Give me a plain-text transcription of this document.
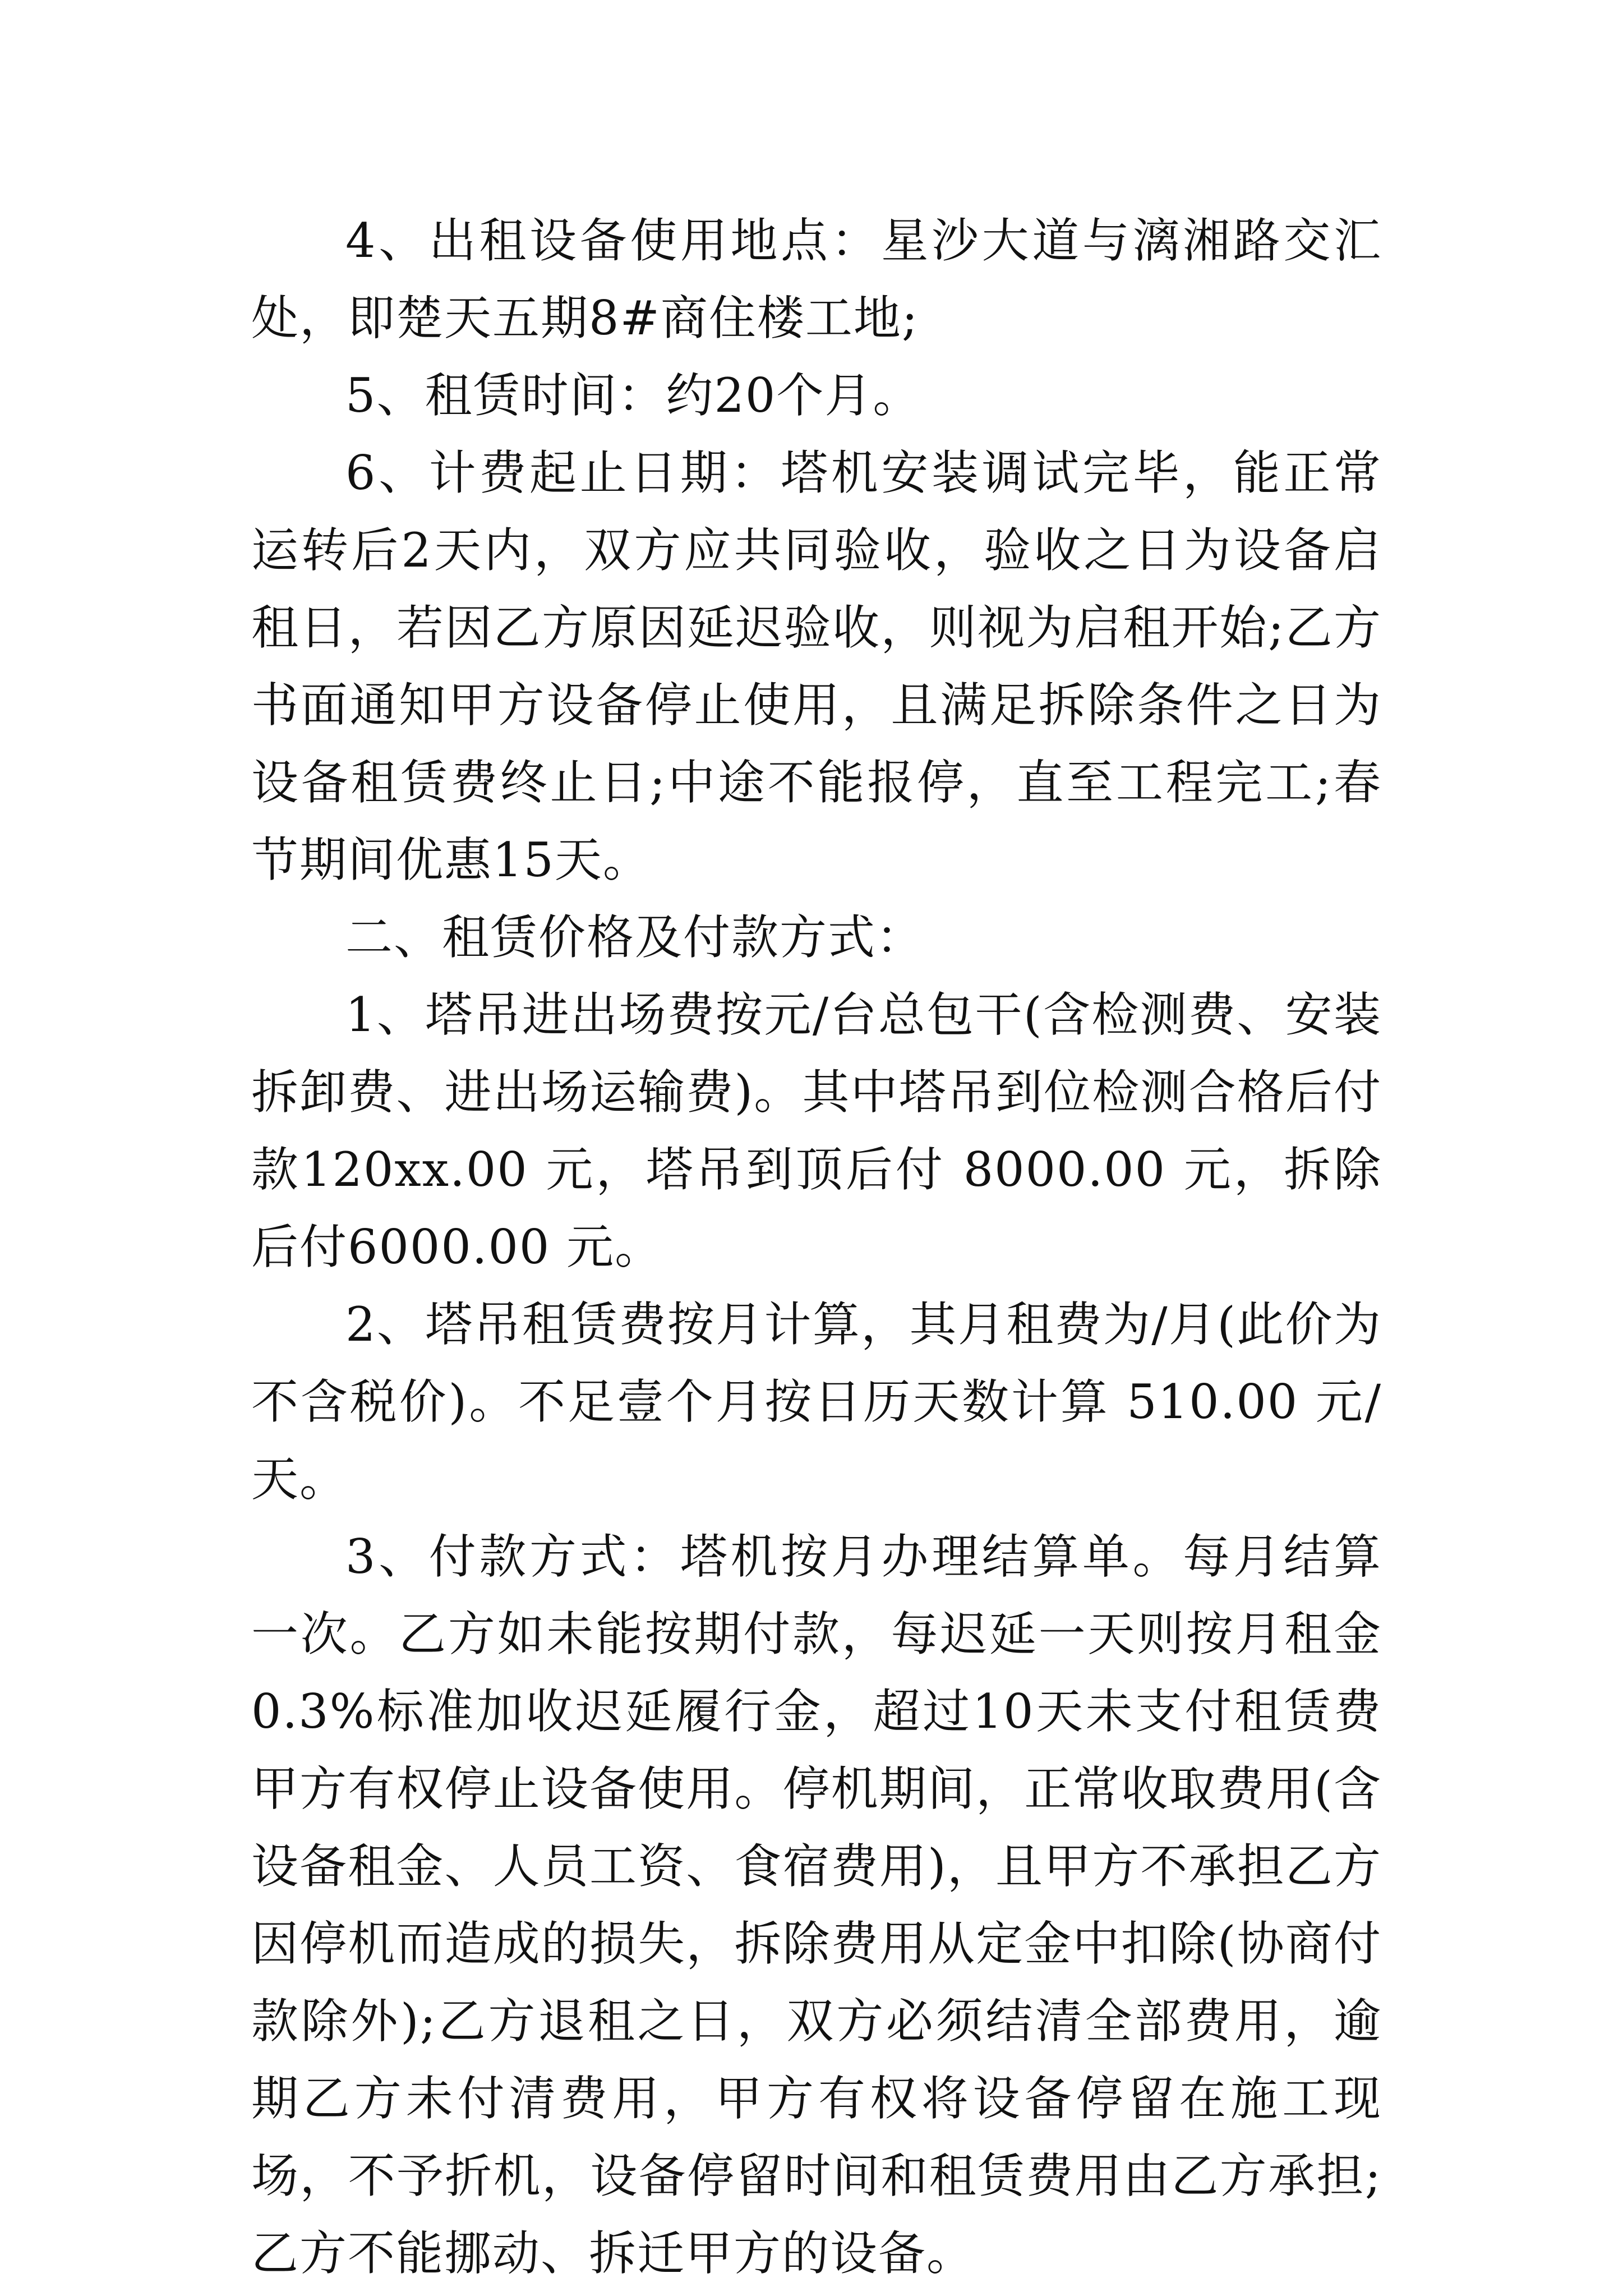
4、出租设备使用地点：星沙大道与漓湘路交汇处，即楚天五期8#商住楼工地;

5、租赁时间：约20个月。

6、计费起止日期：塔机安装调试完毕，能正常运转后2天内，双方应共同验收，验收之日为设备启租日，若因乙方原因延迟验收，则视为启租开始;乙方书面通知甲方设备停止使用，且满足拆除条件之日为设备租赁费终止日;中途不能报停，直至工程完工;春节期间优惠15天。

二、租赁价格及付款方式：

1、塔吊进出场费按元/台总包干(含检测费、安装拆卸费、进出场运输费)。其中塔吊到位检测合格后付款120xx.00 元，塔吊到顶后付 8000.00 元，拆除后付6000.00 元。

2、塔吊租赁费按月计算，其月租费为/月(此价为不含税价)。不足壹个月按日历天数计算 510.00 元/天。

3、付款方式：塔机按月办理结算单。每月结算一次。乙方如未能按期付款，每迟延一天则按月租金0.3%标准加收迟延履行金，超过10天未支付租赁费甲方有权停止设备使用。停机期间，正常收取费用(含设备租金、人员工资、食宿费用)，且甲方不承担乙方因停机而造成的损失，拆除费用从定金中扣除(协商付款除外);乙方退租之日，双方必须结清全部费用，逾期乙方未付清费用，甲方有权将设备停留在施工现场，不予折机，设备停留时间和租赁费用由乙方承担;乙方不能挪动、拆迁甲方的设备。
